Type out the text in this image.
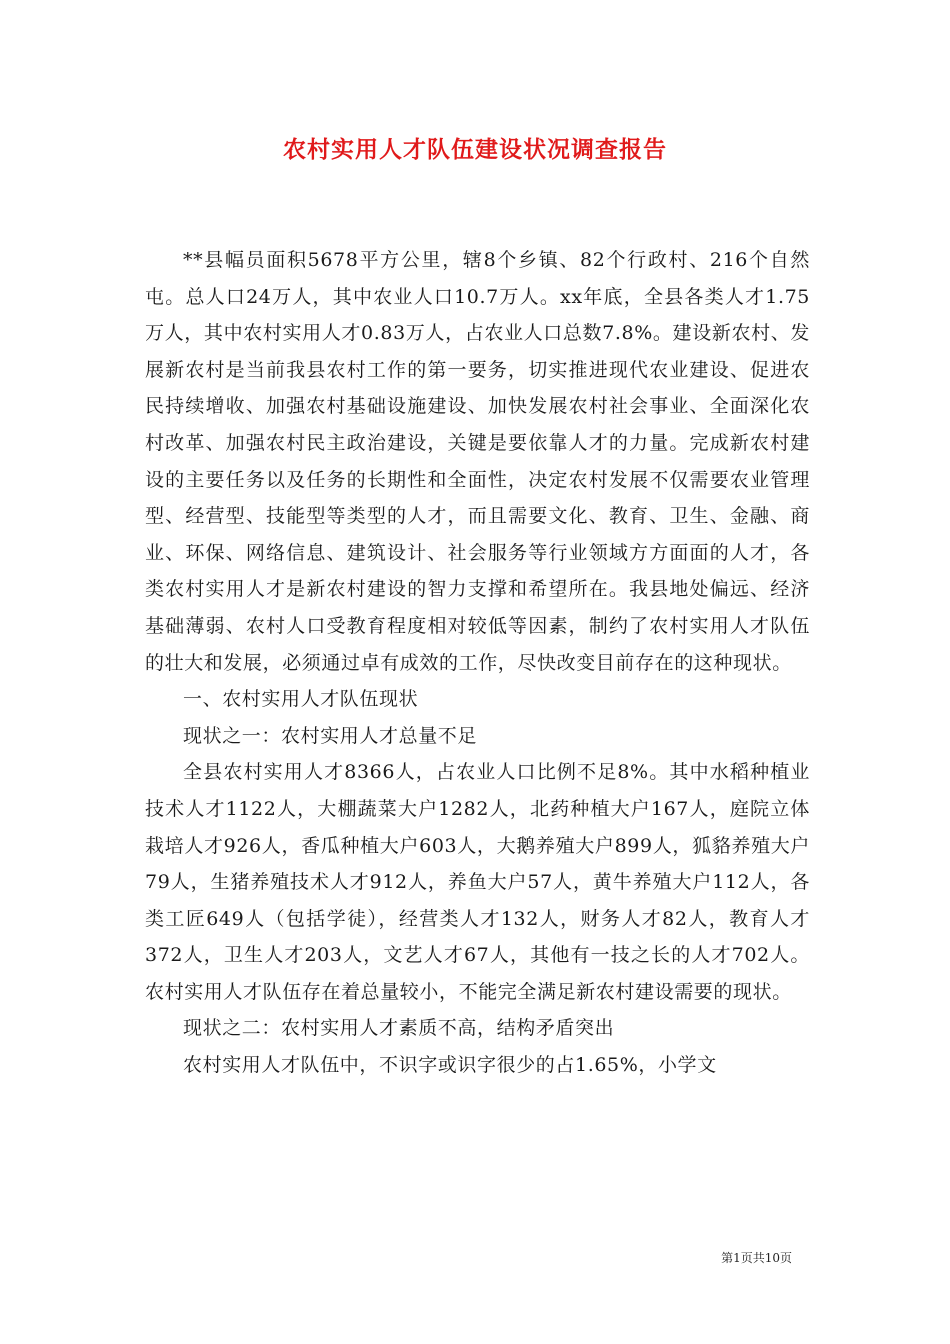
农村实用人才队伍建设状况调查报告

**县幅员面积5678平方公里，辖8个乡镇、82个行政村、216个自然屯。总人口24万人，其中农业人口10.7万人。xx年底，全县各类人才1.75万人，其中农村实用人才0.83万人，占农业人口总数7.8%。建设新农村、发展新农村是当前我县农村工作的第一要务，切实推进现代农业建设、促进农民持续增收、加强农村基础设施建设、加快发展农村社会事业、全面深化农村改革、加强农村民主政治建设，关键是要依靠人才的力量。完成新农村建设的主要任务以及任务的长期性和全面性，决定农村发展不仅需要农业管理型、经营型、技能型等类型的人才，而且需要文化、教育、卫生、金融、商业、环保、网络信息、建筑设计、社会服务等行业领域方方面面的人才，各类农村实用人才是新农村建设的智力支撑和希望所在。我县地处偏远、经济基础薄弱、农村人口受教育程度相对较低等因素，制约了农村实用人才队伍的壮大和发展，必须通过卓有成效的工作，尽快改变目前存在的这种现状。

一、农村实用人才队伍现状

现状之一：农村实用人才总量不足

全县农村实用人才8366人，占农业人口比例不足8%。其中水稻种植业技术人才1122人，大棚蔬菜大户1282人，北药种植大户167人，庭院立体栽培人才926人，香瓜种植大户603人，大鹅养殖大户899人，狐貉养殖大户79人，生猪养殖技术人才912人，养鱼大户57人，黄牛养殖大户112人，各类工匠649人（包括学徒），经营类人才132人，财务人才82人，教育人才372人，卫生人才203人，文艺人才67人，其他有一技之长的人才702人。农村实用人才队伍存在着总量较小，不能完全满足新农村建设需要的现状。

现状之二：农村实用人才素质不高，结构矛盾突出

农村实用人才队伍中，不识字或识字很少的占1.65%，小学文

第1页共10页
